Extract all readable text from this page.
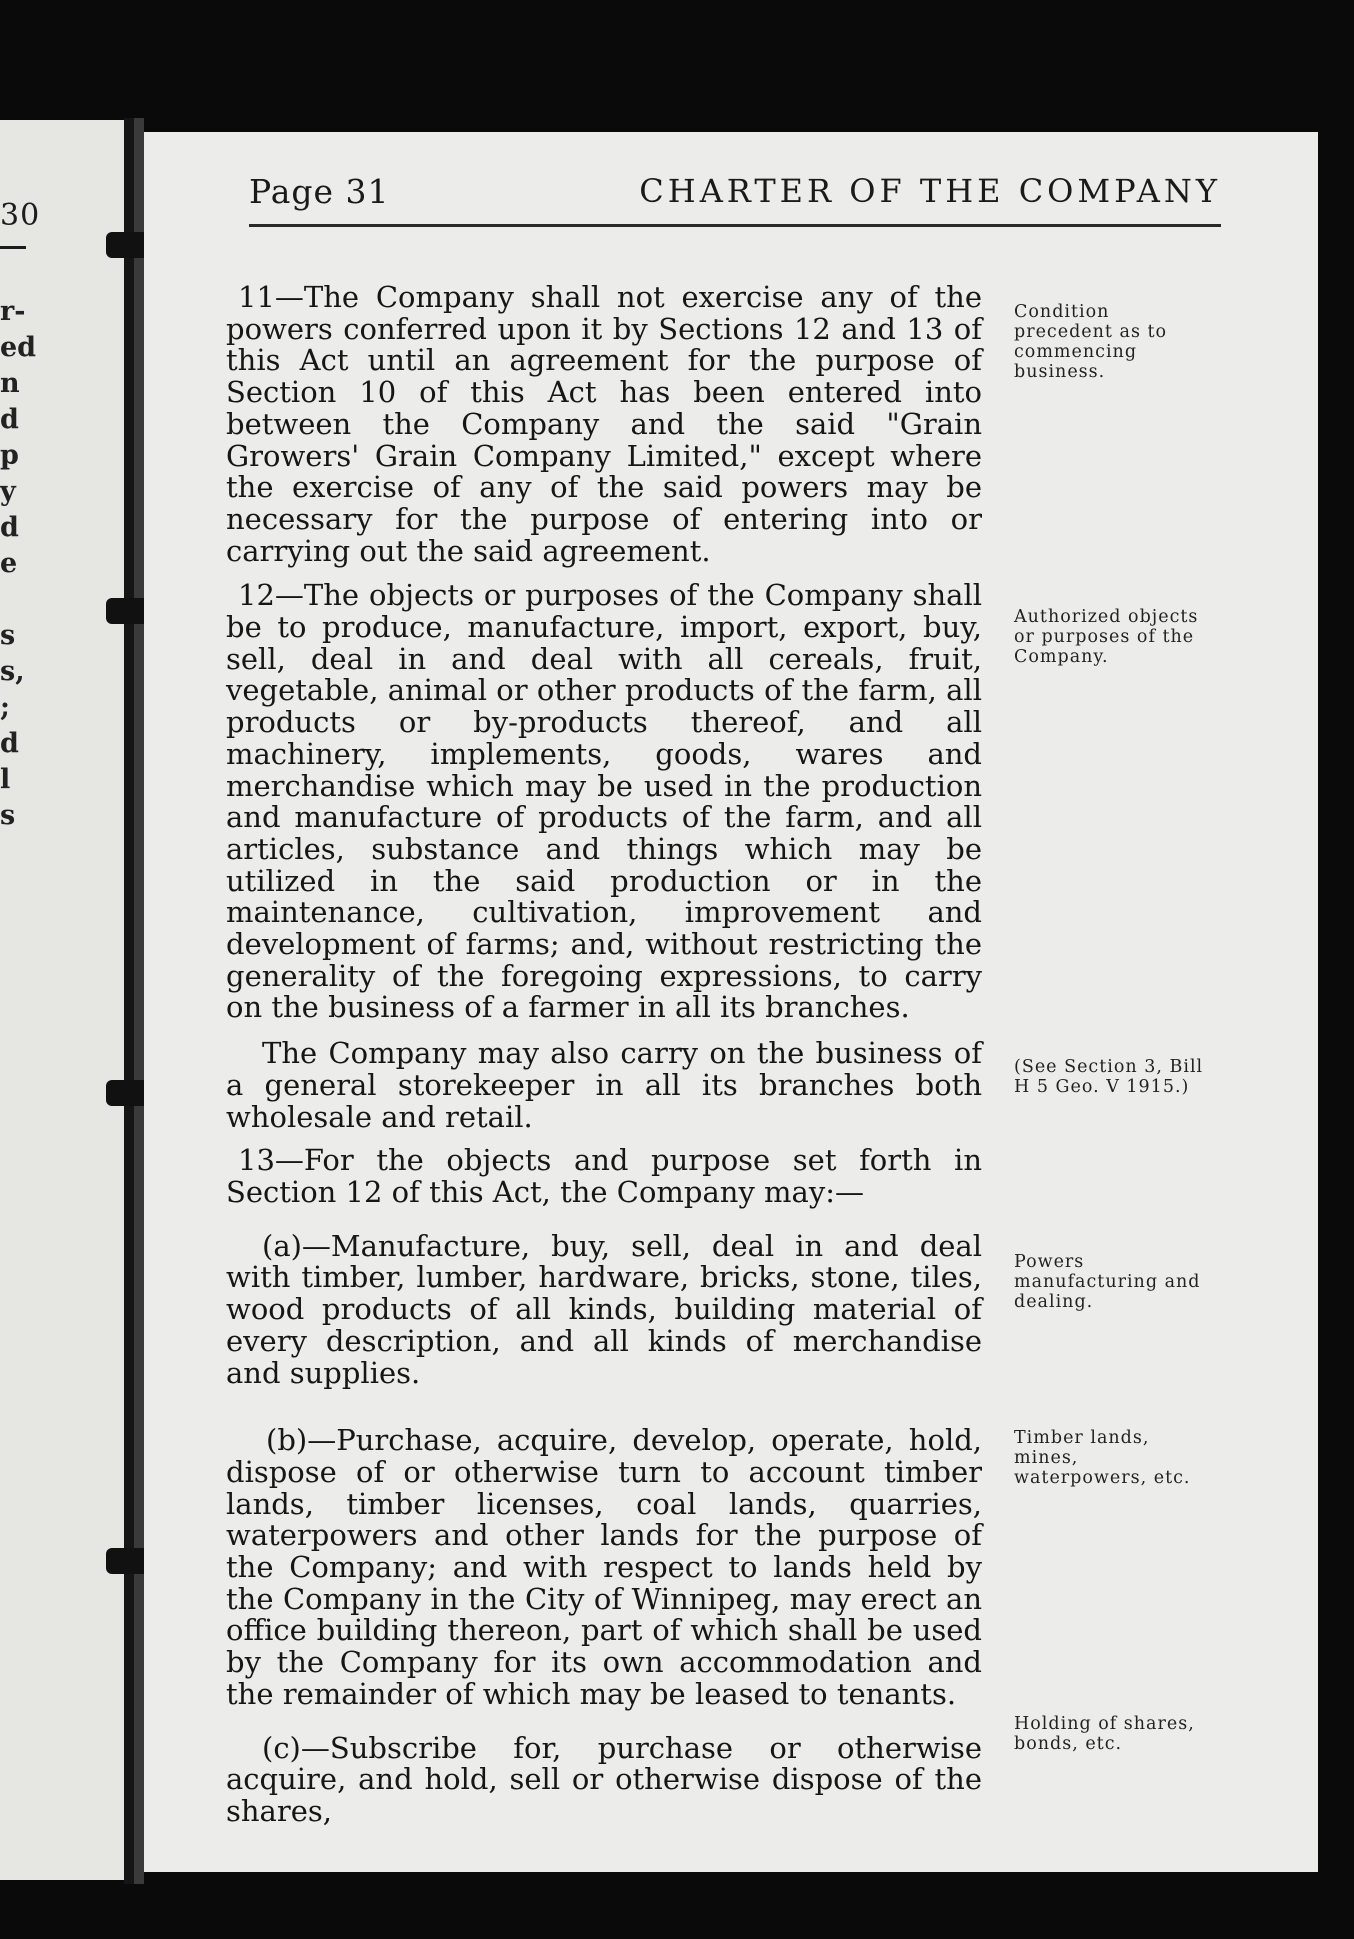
30
r-
ed
n
d
p
y
d
e
s
s,
;
d
l
s
Page 31	CHARTER OF THE COMPANY

11—The Company shall not exercise any of the powers conferred upon it by Sections 12 and 13 of this Act until an agreement for the purpose of Section 10 of this Act has been entered into between the Company and the said "Grain Growers' Grain Company Limited," except where the exercise of any of the said powers may be necessary for the purpose of entering into or carrying out the said agreement.

12—The objects or purposes of the Company shall be to produce, manufacture, import, export, buy, sell, deal in and deal with all cereals, fruit, vegetable, animal or other products of the farm, all products or by-products thereof, and all machinery, implements, goods, wares and merchandise which may be used in the production and manufacture of products of the farm, and all articles, substance and things which may be utilized in the said production or in the maintenance, cultivation, improvement and development of farms; and, without restricting the generality of the foregoing expressions, to carry on the business of a farmer in all its branches.

The Company may also carry on the business of a general storekeeper in all its branches both wholesale and retail.

13—For the objects and purpose set forth in Section 12 of this Act, the Company may:—

(a)—Manufacture, buy, sell, deal in and deal with timber, lumber, hardware, bricks, stone, tiles, wood products of all kinds, building material of every description, and all kinds of merchandise and supplies.

(b)—Purchase, acquire, develop, operate, hold, dispose of or otherwise turn to account timber lands, timber licenses, coal lands, quarries, waterpowers and other lands for the purpose of the Company; and with respect to lands held by the Company in the City of Winnipeg, may erect an office building thereon, part of which shall be used by the Company for its own accommodation and the remainder of which may be leased to tenants.

(c)—Subscribe for, purchase or otherwise acquire, and hold, sell or otherwise dispose of the shares,

Condition precedent as to commencing business.
Authorized objects or purposes of the Company.
(See Section 3, Bill H 5 Geo. V 1915.)
Powers manufacturing and dealing.
Timber lands, mines, waterpowers, etc.
Holding of shares, bonds, etc.
